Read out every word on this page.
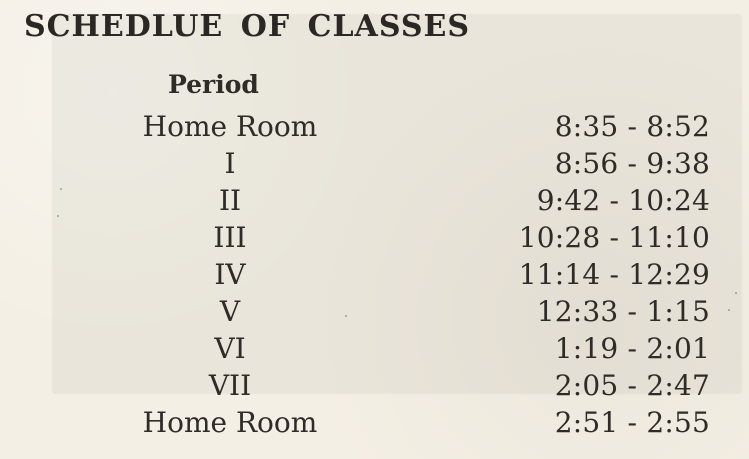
SCHEDLUE OF CLASSES
Period
Home Room	8:35 - 8:52
I	8:56 - 9:38
II	9:42 - 10:24
III	10:28 - 11:10
IV	11:14 - 12:29
V	12:33 - 1:15
VI	1:19 - 2:01
VII	2:05 - 2:47
Home Room	2:51 - 2:55
